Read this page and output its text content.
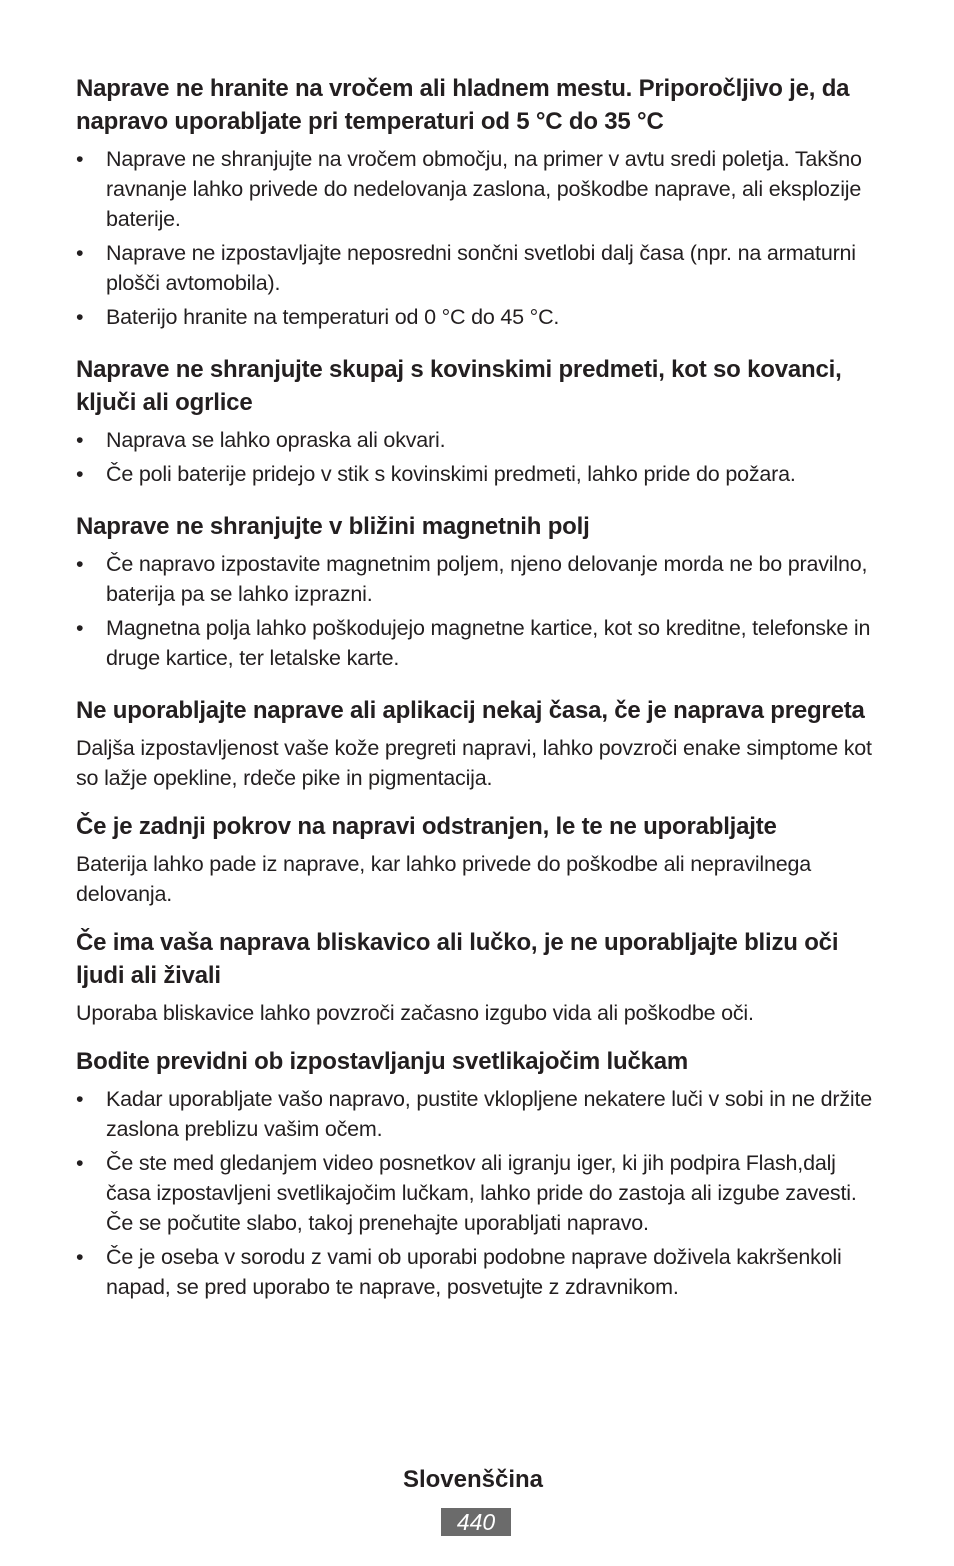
Naprave ne hranite na vročem ali hladnem mestu. Priporočljivo je, da napravo uporabljate pri temperaturi od 5 °C do 35 °C

• Naprave ne shranjujte na vročem območju, na primer v avtu sredi poletja. Takšno ravnanje lahko privede do nedelovanja zaslona, poškodbe naprave, ali eksplozije baterije.
• Naprave ne izpostavljajte neposredni sončni svetlobi dalj časa (npr. na armaturni plošči avtomobila).
• Baterijo hranite na temperaturi od 0 °C do 45 °C.

Naprave ne shranjujte skupaj s kovinskimi predmeti, kot so kovanci, ključi ali ogrlice

• Naprava se lahko opraska ali okvari.
• Če poli baterije pridejo v stik s kovinskimi predmeti, lahko pride do požara.

Naprave ne shranjujte v bližini magnetnih polj

• Če napravo izpostavite magnetnim poljem, njeno delovanje morda ne bo pravilno, baterija pa se lahko izprazni.
• Magnetna polja lahko poškodujejo magnetne kartice, kot so kreditne, telefonske in druge kartice, ter letalske karte.

Ne uporabljajte naprave ali aplikacij nekaj časa, če je naprava pregreta

Daljša izpostavljenost vaše kože pregreti napravi, lahko povzroči enake simptome kot so lažje opekline, rdeče pike in pigmentacija.

Če je zadnji pokrov na napravi odstranjen, le te ne uporabljajte

Baterija lahko pade iz naprave, kar lahko privede do poškodbe ali nepravilnega delovanja.

Če ima vaša naprava bliskavico ali lučko, je ne uporabljajte blizu oči ljudi ali živali

Uporaba bliskavice lahko povzroči začasno izgubo vida ali poškodbe oči.

Bodite previdni ob izpostavljanju svetlikajočim lučkam

• Kadar uporabljate vašo napravo, pustite vklopljene nekatere luči v sobi in ne držite zaslona preblizu vašim očem.
• Če ste med gledanjem video posnetkov ali igranju iger, ki jih podpira Flash,dalj časa izpostavljeni svetlikajočim lučkam, lahko pride do zastoja ali izgube zavesti. Če se počutite slabo, takoj prenehajte uporabljati napravo.
• Če je oseba v sorodu z vami ob uporabi podobne naprave doživela kakršenkoli napad, se pred uporabo te naprave, posvetujte z zdravnikom.
Slovenščina
440
